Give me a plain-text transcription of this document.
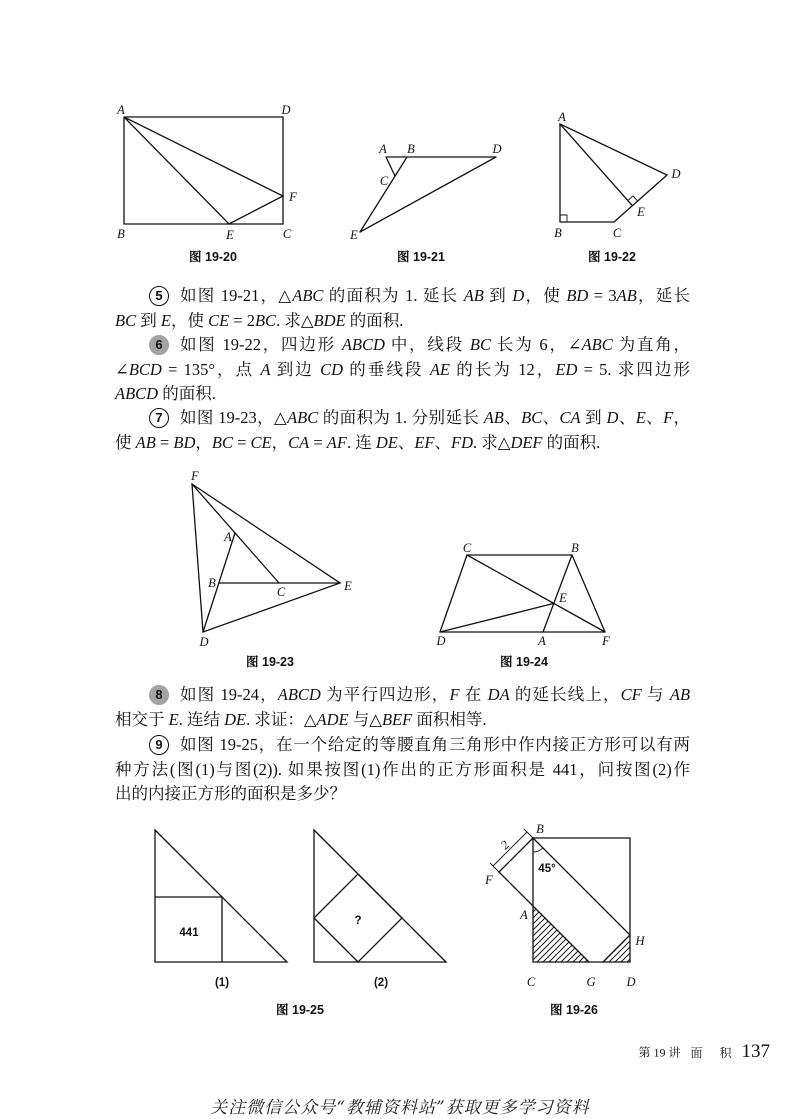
A	D
B	C
E
F
图 19-20
A B	D
C
E
图 19-21
A
B	C
D
E
图 19-22
F
A
B
C	E
D
图 19-23
C	B
D	A	F
E
图 19-24
441
(1)
?
(2)
图 19-25
2
45°
B
F
A
H
C	G D
图 19-26
5	如图 19-21，△ABC 的面积为 1. 延长 AB 到 D，使 BD = 3AB，延长
BC 到 E，使 CE = 2BC. 求△BDE 的面积.
6	如图 19-22，四边形 ABCD 中，线段 BC 长为 6，∠ABC 为直角，
∠BCD = 135°，点 A 到边 CD 的垂线段 AE 的长为 12，ED = 5. 求四边形
ABCD 的面积.
7	如图 19-23，△ABC 的面积为 1. 分别延长 AB、BC、CA 到 D、E、F，
使 AB = BD，BC = CE，CA = AF. 连 DE、EF、FD. 求△DEF 的面积.
8	如图 19-24，ABCD 为平行四边形，F 在 DA 的延长线上，CF 与 AB
相交于 E. 连结 DE. 求证：△ADE 与△BEF 面积相等.
9	如图 19-25，在一个给定的等腰直角三角形中作内接正方形可以有两
种方法(图(1)与图(2)). 如果按图(1)作出的正方形面积是 441，问按图(2)作
出的内接正方形的面积是多少？
第 19 讲 面 积 137
关注微信公众号“教辅资料站”获取更多学习资料
